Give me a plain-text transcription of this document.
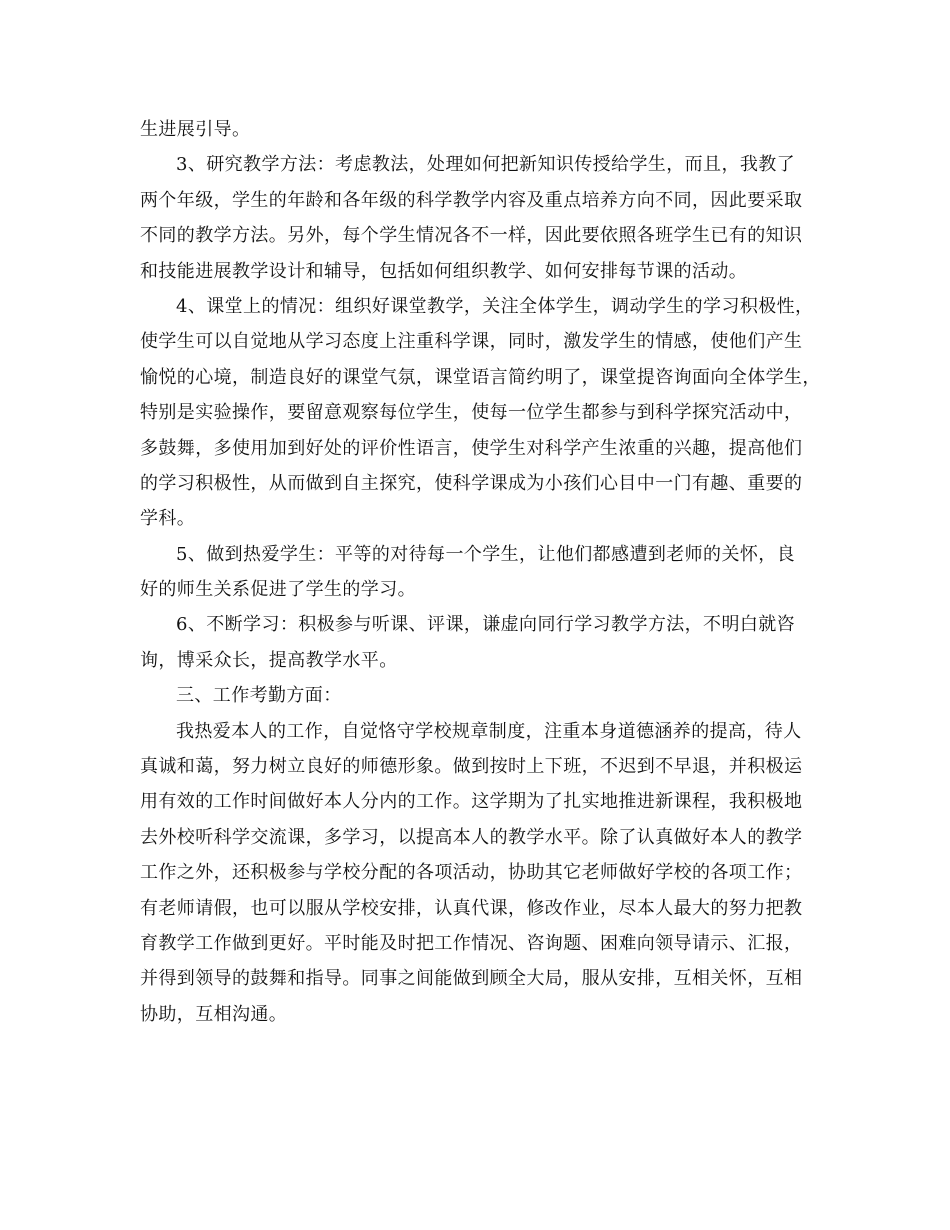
生进展引导。
3、研究教学方法：考虑教法，处理如何把新知识传授给学生，而且，我教了
两个年级，学生的年龄和各年级的科学教学内容及重点培养方向不同，因此要采取
不同的教学方法。另外，每个学生情况各不一样，因此要依照各班学生已有的知识
和技能进展教学设计和辅导，包括如何组织教学、如何安排每节课的活动。
4、课堂上的情况：组织好课堂教学，关注全体学生，调动学生的学习积极性，
使学生可以自觉地从学习态度上注重科学课，同时，激发学生的情感，使他们产生
愉悦的心境，制造良好的课堂气氛，课堂语言简约明了，课堂提咨询面向全体学生，
特别是实验操作，要留意观察每位学生，使每一位学生都参与到科学探究活动中，
多鼓舞，多使用加到好处的评价性语言，使学生对科学产生浓重的兴趣，提高他们
的学习积极性，从而做到自主探究，使科学课成为小孩们心目中一门有趣、重要的
学科。
5、做到热爱学生：平等的对待每一个学生，让他们都感遭到老师的关怀，良
好的师生关系促进了学生的学习。
6、不断学习：积极参与听课、评课，谦虚向同行学习教学方法，不明白就咨
询，博采众长，提高教学水平。
三、工作考勤方面：
我热爱本人的工作，自觉恪守学校规章制度，注重本身道德涵养的提高，待人
真诚和蔼，努力树立良好的师德形象。做到按时上下班，不迟到不早退，并积极运
用有效的工作时间做好本人分内的工作。这学期为了扎实地推进新课程，我积极地
去外校听科学交流课，多学习，以提高本人的教学水平。除了认真做好本人的教学
工作之外，还积极参与学校分配的各项活动，协助其它老师做好学校的各项工作；
有老师请假，也可以服从学校安排，认真代课，修改作业，尽本人最大的努力把教
育教学工作做到更好。平时能及时把工作情况、咨询题、困难向领导请示、汇报，
并得到领导的鼓舞和指导。同事之间能做到顾全大局，服从安排，互相关怀，互相
协助，互相沟通。
